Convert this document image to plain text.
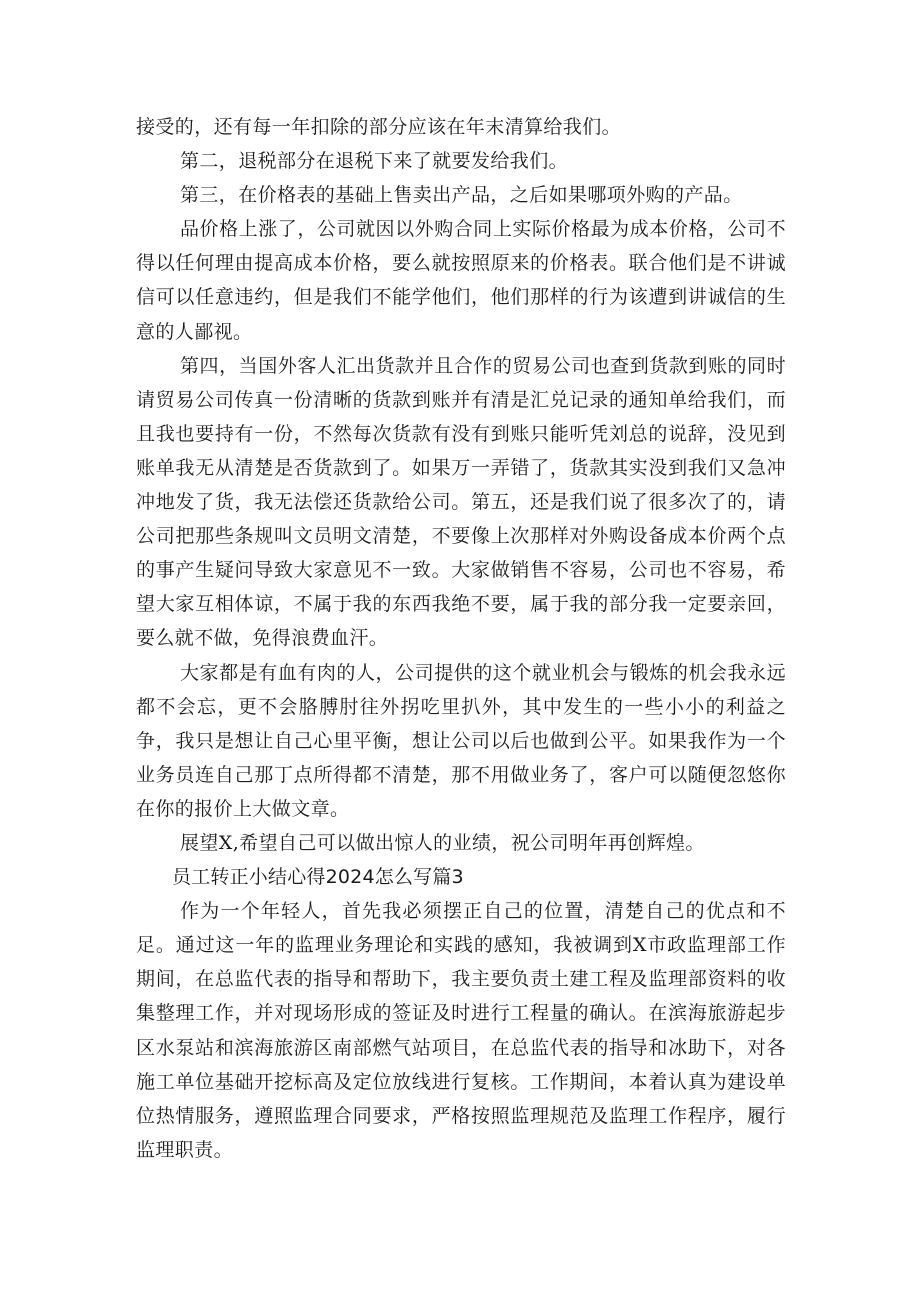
接受的，还有每一年扣除的部分应该在年末清算给我们。

第二，退税部分在退税下来了就要发给我们。

第三，在价格表的基础上售卖出产品，之后如果哪项外购的产品。

品价格上涨了，公司就因以外购合同上实际价格最为成本价格，公司不得以任何理由提高成本价格，要么就按照原来的价格表。联合他们是不讲诚信可以任意违约，但是我们不能学他们，他们那样的行为该遭到讲诚信的生意的人鄙视。

第四，当国外客人汇出货款并且合作的贸易公司也查到货款到账的同时请贸易公司传真一份清晰的货款到账并有清是汇兑记录的通知单给我们，而且我也要持有一份，不然每次货款有没有到账只能听凭刘总的说辞，没见到账单我无从清楚是否货款到了。如果万一弄错了，货款其实没到我们又急冲冲地发了货，我无法偿还货款给公司。第五，还是我们说了很多次了的，请公司把那些条规叫文员明文清楚，不要像上次那样对外购设备成本价两个点的事产生疑问导致大家意见不一致。大家做销售不容易，公司也不容易，希望大家互相体谅，不属于我的东西我绝不要，属于我的部分我一定要亲回，要么就不做，免得浪费血汗。

大家都是有血有肉的人，公司提供的这个就业机会与锻炼的机会我永远都不会忘，更不会胳膊肘往外拐吃里扒外，其中发生的一些小小的利益之争，我只是想让自己心里平衡，想让公司以后也做到公平。如果我作为一个业务员连自己那丁点所得都不清楚，那不用做业务了，客户可以随便忽悠你在你的报价上大做文章。

展望X,希望自己可以做出惊人的业绩，祝公司明年再创辉煌。

员工转正小结心得2024怎么写篇3

作为一个年轻人，首先我必须摆正自己的位置，清楚自己的优点和不足。通过这一年的监理业务理论和实践的感知，我被调到X市政监理部工作期间，在总监代表的指导和帮助下，我主要负责土建工程及监理部资料的收集整理工作，并对现场形成的签证及时进行工程量的确认。在滨海旅游起步区水泵站和滨海旅游区南部燃气站项目，在总监代表的指导和冰助下，对各施工单位基础开挖标高及定位放线进行复核。工作期间，本着认真为建设单位热情服务，遵照监理合同要求，严格按照监理规范及监理工作程序，履行监理职责。
